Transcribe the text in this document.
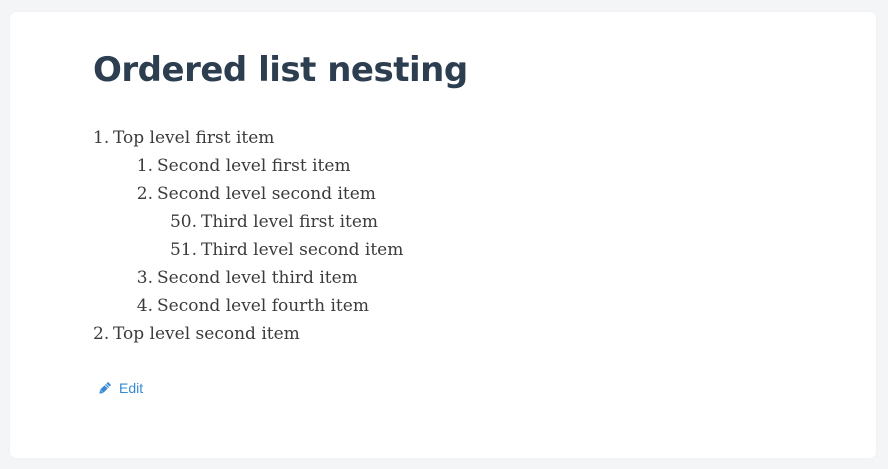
Ordered list nesting
1. Top level first item
1. Second level first item
2. Second level second item
50. Third level first item
51. Third level second item
3. Second level third item
4. Second level fourth item
2. Top level second item
Edit
